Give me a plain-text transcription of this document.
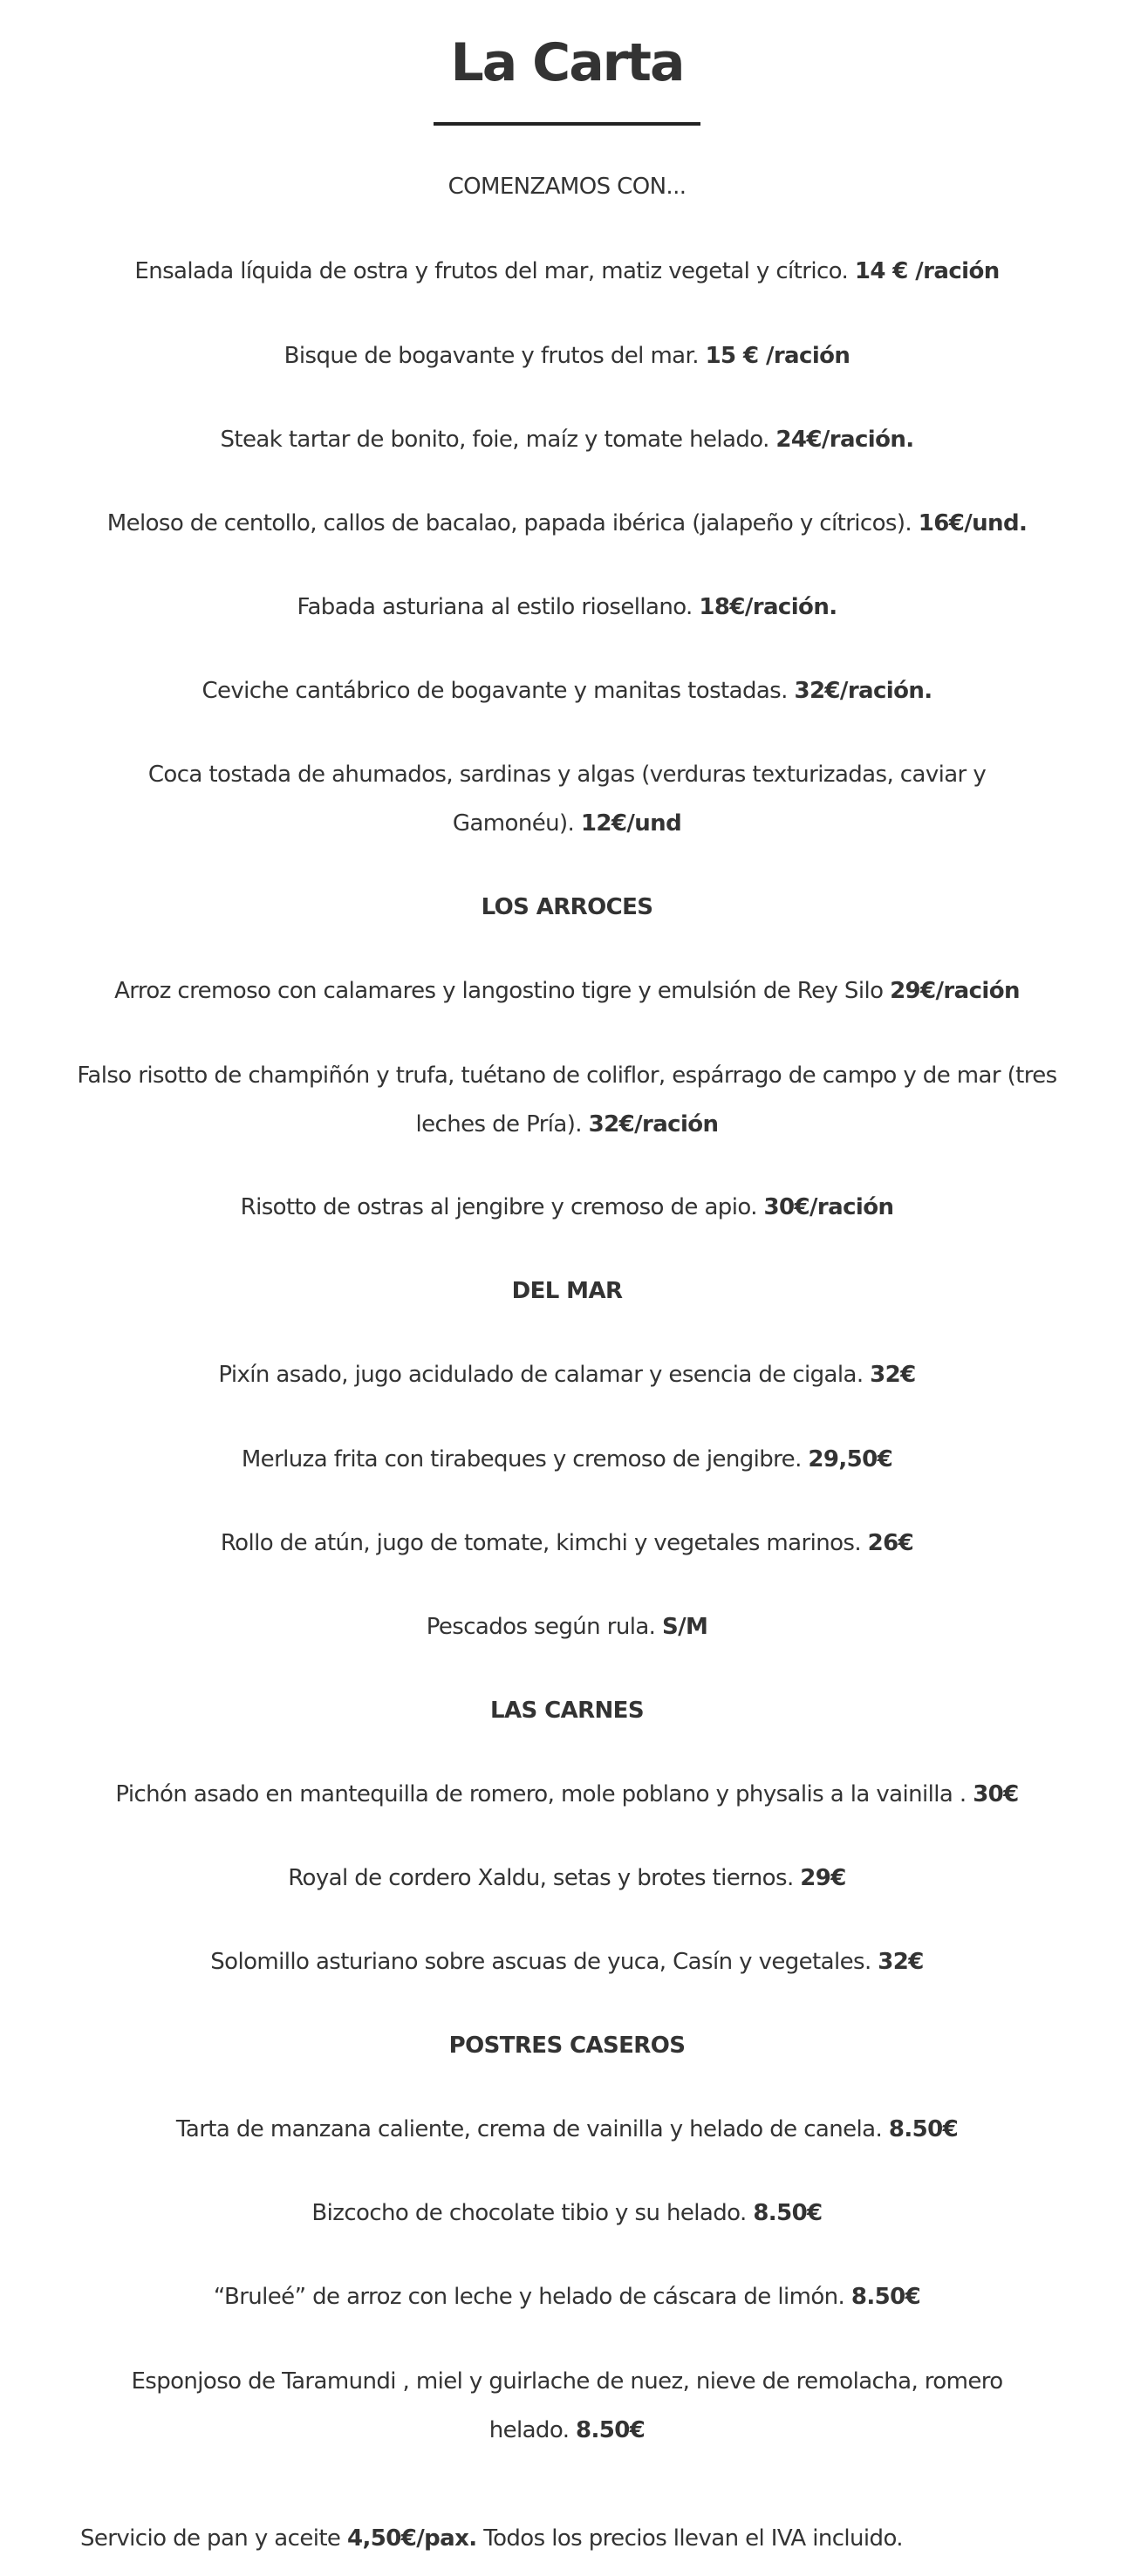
La Carta
COMENZAMOS CON...
Ensalada líquida de ostra y frutos del mar, matiz vegetal y cítrico. 14 € /ración
Bisque de bogavante y frutos del mar. 15 € /ración
Steak tartar de bonito, foie, maíz y tomate helado. 24€/ración.
Meloso de centollo, callos de bacalao, papada ibérica (jalapeño y cítricos). 16€/und.
Fabada asturiana al estilo riosellano. 18€/ración.
Ceviche cantábrico de bogavante y manitas tostadas. 32€/ración.
Coca tostada de ahumados, sardinas y algas (verduras texturizadas, caviar y
Gamonéu). 12€/und
LOS ARROCES
Arroz cremoso con calamares y langostino tigre y emulsión de Rey Silo 29€/ración
Falso risotto de champiñón y trufa, tuétano de coliflor, espárrago de campo y de mar (tres
leches de Pría). 32€/ración
Risotto de ostras al jengibre y cremoso de apio. 30€/ración
DEL MAR
Pixín asado, jugo acidulado de calamar y esencia de cigala. 32€
Merluza frita con tirabeques y cremoso de jengibre. 29,50€
Rollo de atún, jugo de tomate, kimchi y vegetales marinos. 26€
Pescados según rula. S/M
LAS CARNES
Pichón asado en mantequilla de romero, mole poblano y physalis a la vainilla . 30€
Royal de cordero Xaldu, setas y brotes tiernos. 29€
Solomillo asturiano sobre ascuas de yuca, Casín y vegetales. 32€
POSTRES CASEROS
Tarta de manzana caliente, crema de vainilla y helado de canela. 8.50€
Bizcocho de chocolate tibio y su helado. 8.50€
“Bruleé” de arroz con leche y helado de cáscara de limón. 8.50€
Esponjoso de Taramundi , miel y guirlache de nuez, nieve de remolacha, romero
helado. 8.50€
Servicio de pan y aceite 4,50€/pax. Todos los precios llevan el IVA incluido.
